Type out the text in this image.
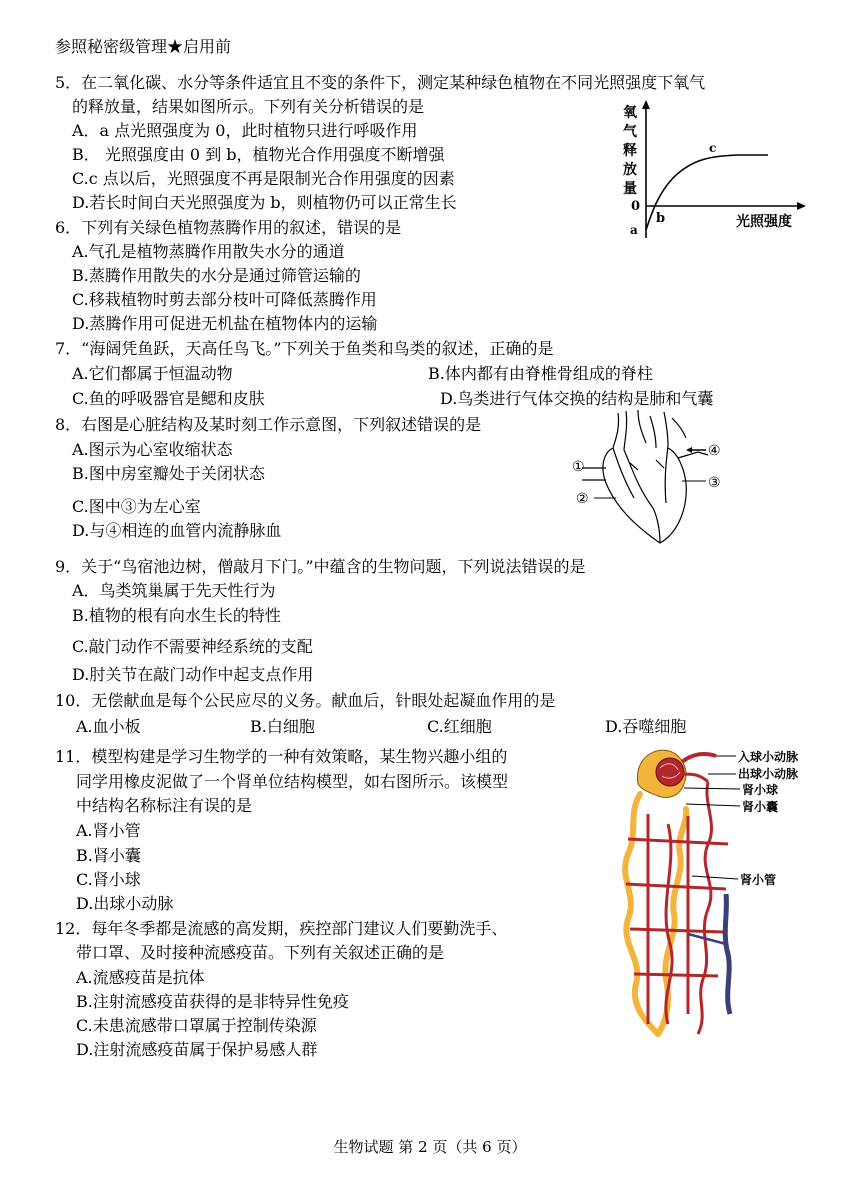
参照秘密级管理★启用前
5．在二氧化碳、水分等条件适宜且不变的条件下，测定某种绿色植物在不同光照强度下氧气
的释放量，结果如图所示。下列有关分析错误的是
A．a 点光照强度为 0，此时植物只进行呼吸作用
B． 光照强度由 0 到 b，植物光合作用强度不断增强
C.c 点以后，光照强度不再是限制光合作用强度的因素
D.若长时间白天光照强度为 b，则植物仍可以正常生长
6．下列有关绿色植物蒸腾作用的叙述，错误的是
A.气孔是植物蒸腾作用散失水分的通道
B.蒸腾作用散失的水分是通过筛管运输的
C.移栽植物时剪去部分枝叶可降低蒸腾作用
D.蒸腾作用可促进无机盐在植物体内的运输
7．“海阔凭鱼跃，天高任鸟飞。”下列关于鱼类和鸟类的叙述，正确的是
A.它们都属于恒温动物	B.体内都有由脊椎骨组成的脊柱
C.鱼的呼吸器官是鳃和皮肤	D.鸟类进行气体交换的结构是肺和气囊
8．右图是心脏结构及某时刻工作示意图，下列叙述错误的是
A.图示为心室收缩状态
B.图中房室瓣处于关闭状态
C.图中③为左心室
D.与④相连的血管内流静脉血
9．关于“鸟宿池边树，僧敲月下门。”中蕴含的生物问题，下列说法错误的是
A．鸟类筑巢属于先天性行为
B.植物的根有向水生长的特性
C.敲门动作不需要神经系统的支配
D.肘关节在敲门动作中起支点作用
10．无偿献血是每个公民应尽的义务。献血后，针眼处起凝血作用的是
A.血小板	B.白细胞	C.红细胞	D.吞噬细胞
11．模型构建是学习生物学的一种有效策略，某生物兴趣小组的
同学用橡皮泥做了一个肾单位结构模型，如右图所示。该模型
中结构名称标注有误的是
A.肾小管
B.肾小囊
C.肾小球
D.出球小动脉
12．每年冬季都是流感的高发期，疾控部门建议人们要勤洗手、
带口罩、及时接种流感疫苗。下列有关叙述正确的是
A.流感疫苗是抗体
B.注射流感疫苗获得的是非特异性免疫
C.未患流感带口罩属于控制传染源
D.注射流感疫苗属于保护易感人群
氧
气
释
放
量
0
a
b
c
光照强度
①
②
③
④
入球小动脉
出球小动脉
肾小球
肾小囊
肾小管
生物试题 第 2 页（共 6 页）
